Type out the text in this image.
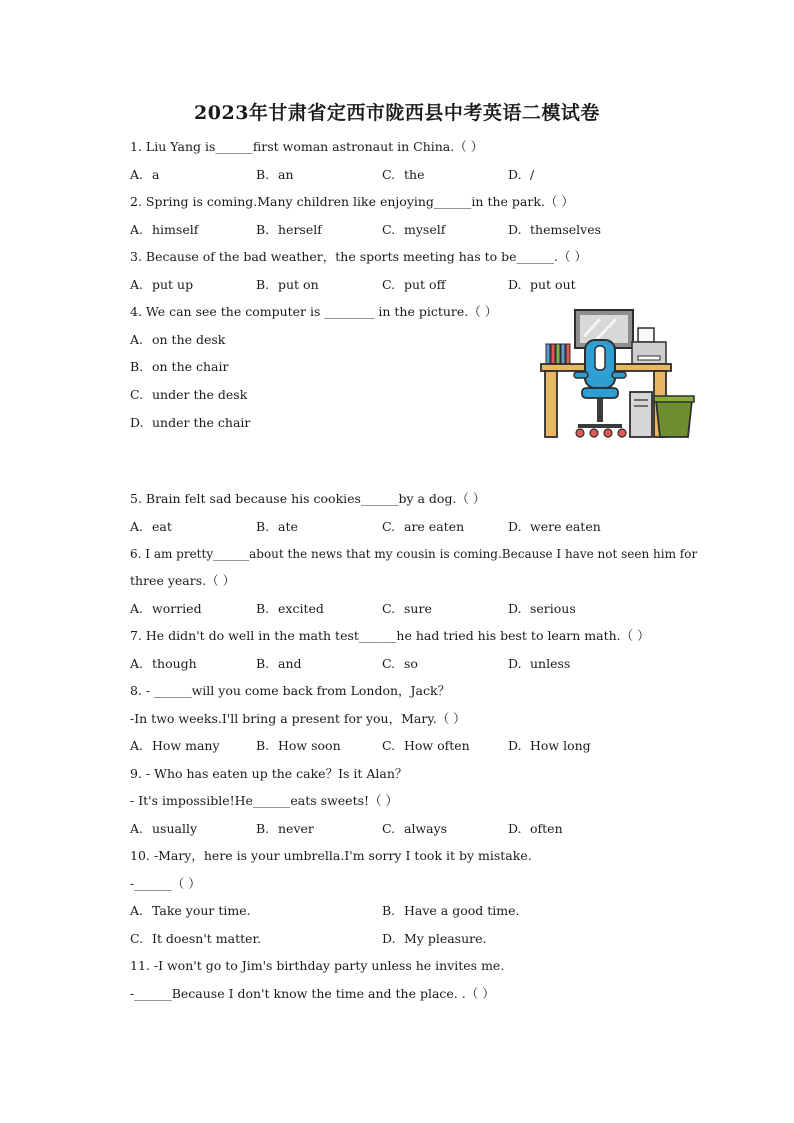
2023年甘肃省定西市陇西县中考英语二模试卷
1. Liu Yang is______first woman astronaut in China.（ ）
A. a	B. an	C. the	D. /
2. Spring is coming.Many children like enjoying______in the park.（ ）
A. himself	B. herself	C. myself	D. themselves
3. Because of the bad weather，the sports meeting has to be______.（ ）
A. put up	B. put on	C. put off	D. put out
4. We can see the computer is ________ in the picture.（ ）
A. on the desk
B. on the chair
C. under the desk
D. under the chair
5. Brain felt sad because his cookies______by a dog.（ ）
A. eat	B. ate	C. are eaten	D. were eaten
6. I am pretty______about the news that my cousin is coming.Because I have not seen him for
three years.（ ）
A. worried	B. excited	C. sure	D. serious
7. He didn't do well in the math test______he had tried his best to learn math.（ ）
A. though	B. and	C. so	D. unless
8. - ______will you come back from London，Jack？
-In two weeks.I'll bring a present for you，Mary.（ ）
A. How many	B. How soon	C. How often	D. How long
9. - Who has eaten up the cake？Is it Alan？
- It's impossible!He______eats sweets!（ ）
A. usually	B. never	C. always	D. often
10. -Mary，here is your umbrella.I'm sorry I took it by mistake.
-______（ ）
A. Take your time.	B. Have a good time.
C. It doesn't matter.	D. My pleasure.
11. -I won't go to Jim's birthday party unless he invites me.
-______Because I don't know the time and the place. .（ ）
